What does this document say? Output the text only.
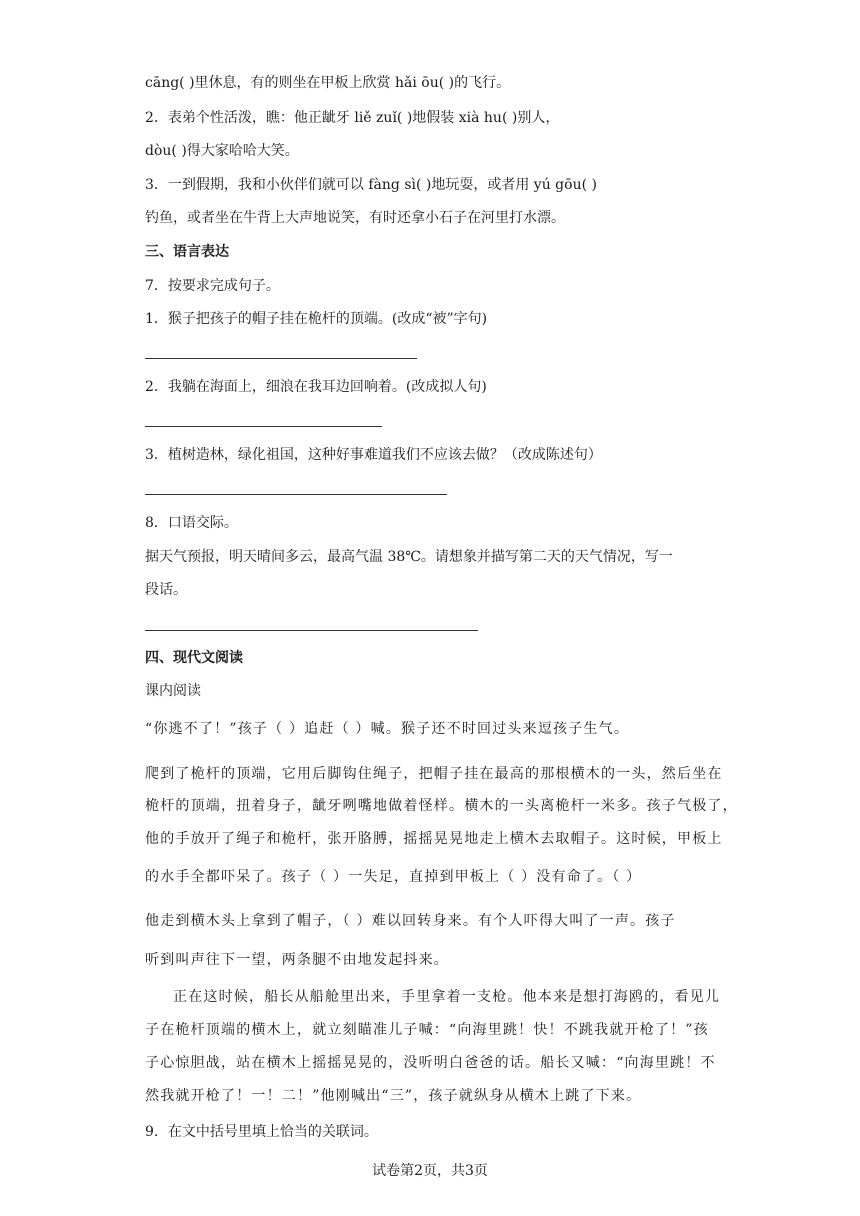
cāng( )里休息，有的则坐在甲板上欣赏 hǎi ōu( )的飞行。
2．表弟个性活泼，瞧：他正龇牙 liě zuǐ( )地假装 xià hu( )别人，
dòu( )得大家哈哈大笑。
3．一到假期，我和小伙伴们就可以 fàng sì( )地玩耍，或者用 yú gōu( )
钓鱼，或者坐在牛背上大声地说笑，有时还拿小石子在河里打水漂。
三、语言表达
7．按要求完成句子。
1．猴子把孩子的帽子挂在桅杆的顶端。(改成“被”字句)
2．我躺在海面上，细浪在我耳边回响着。(改成拟人句)
3．植树造林，绿化祖国，这种好事难道我们不应该去做？（改成陈述句）
8．口语交际。
据天气预报，明天晴间多云，最高气温 38℃。请想象并描写第二天的天气情况，写一
段话。
四、现代文阅读
课内阅读
“你逃不了！”孩子（ ）追赶（ ）喊。猴子还不时回过头来逗孩子生气。
爬到了桅杆的顶端，它用后脚钩住绳子，把帽子挂在最高的那根横木的一头，然后坐在
桅杆的顶端，扭着身子，龇牙咧嘴地做着怪样。横木的一头离桅杆一米多。孩子气极了，
他的手放开了绳子和桅杆，张开胳膊，摇摇晃晃地走上横木去取帽子。这时候，甲板上
的水手全都吓呆了。孩子（ ）一失足，直掉到甲板上（ ）没有命了。（ ）
他走到横木头上拿到了帽子，（ ）难以回转身来。有个人吓得大叫了一声。孩子
听到叫声往下一望，两条腿不由地发起抖来。
正在这时候，船长从船舱里出来，手里拿着一支枪。他本来是想打海鸥的，看见儿
子在桅杆顶端的横木上，就立刻瞄准儿子喊：“向海里跳！快！不跳我就开枪了！”孩
子心惊胆战，站在横木上摇摇晃晃的，没听明白爸爸的话。船长又喊：“向海里跳！不
然我就开枪了！一！二！”他刚喊出“三”，孩子就纵身从横木上跳了下来。
9．在文中括号里填上恰当的关联词。
试卷第2页，共3页
